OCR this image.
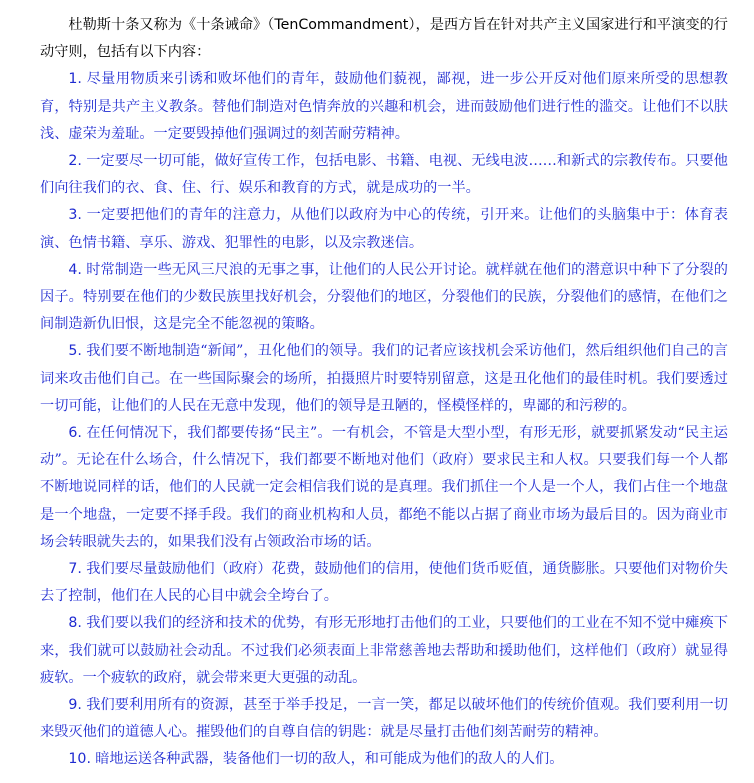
杜勒斯十条又称为《十条诫命》（TenCommandment），是西方旨在针对共产主义国家进行和平演变的行动守则，包括有以下内容：

1. 尽量用物质来引诱和败坏他们的青年，鼓励他们藐视，鄙视，进一步公开反对他们原来所受的思想教育，特别是共产主义教条。替他们制造对色情奔放的兴趣和机会，进而鼓励他们进行性的滥交。让他们不以肤浅、虚荣为羞耻。一定要毁掉他们强调过的刻苦耐劳精神。

2. 一定要尽一切可能，做好宣传工作，包括电影、书籍、电视、无线电波……和新式的宗教传布。只要他们向往我们的衣、食、住、行、娱乐和教育的方式，就是成功的一半。

3. 一定要把他们的青年的注意力，从他们以政府为中心的传统，引开来。让他们的头脑集中于：体育表演、色情书籍、享乐、游戏、犯罪性的电影，以及宗教迷信。

4. 时常制造一些无风三尺浪的无事之事，让他们的人民公开讨论。就样就在他们的潜意识中种下了分裂的因子。特别要在他们的少数民族里找好机会，分裂他们的地区，分裂他们的民族，分裂他们的感情，在他们之间制造新仇旧恨，这是完全不能忽视的策略。

5. 我们要不断地制造“新闻”，丑化他们的领导。我们的记者应该找机会采访他们，然后组织他们自己的言词来攻击他们自己。在一些国际聚会的场所，拍摄照片时要特别留意，这是丑化他们的最佳时机。我们要透过一切可能，让他们的人民在无意中发现，他们的领导是丑陋的，怪模怪样的，卑鄙的和污秽的。

6. 在任何情况下，我们都要传扬“民主”。一有机会，不管是大型小型，有形无形，就要抓紧发动“民主运动”。无论在什么场合，什么情况下，我们都要不断地对他们（政府）要求民主和人权。只要我们每一个人都不断地说同样的话，他们的人民就一定会相信我们说的是真理。我们抓住一个人是一个人，我们占住一个地盘是一个地盘，一定要不择手段。我们的商业机构和人员，都绝不能以占据了商业市场为最后目的。因为商业市场会转眼就失去的，如果我们没有占领政治市场的话。

7. 我们要尽量鼓励他们（政府）花费，鼓励他们的信用，使他们货币贬值，通货膨胀。只要他们对物价失去了控制，他们在人民的心目中就会全垮台了。

8. 我们要以我们的经济和技术的优势，有形无形地打击他们的工业，只要他们的工业在不知不觉中瘫痪下来，我们就可以鼓励社会动乱。不过我们必须表面上非常慈善地去帮助和援助他们，这样他们（政府）就显得疲软。一个疲软的政府，就会带来更大更强的动乱。

9. 我们要利用所有的资源，甚至于举手投足，一言一笑，都足以破坏他们的传统价值观。我们要利用一切来毁灭他们的道德人心。摧毁他们的自尊自信的钥匙：就是尽量打击他们刻苦耐劳的精神。

10. 暗地运送各种武器，装备他们一切的敌人，和可能成为他们的敌人的人们。
